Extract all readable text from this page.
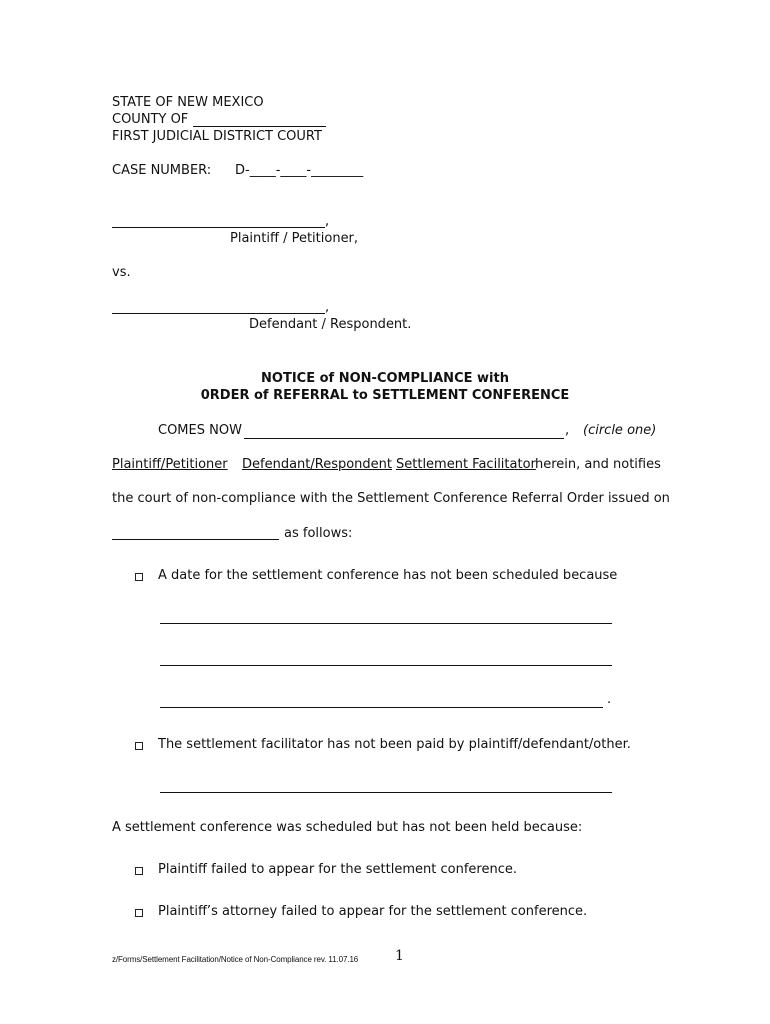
STATE OF NEW MEXICO
COUNTY OF
FIRST JUDICIAL DISTRICT COURT
CASE NUMBER: D-____-____-________
,
Plaintiff / Petitioner,
vs.
,
Defendant / Respondent.
NOTICE of NON-COMPLIANCE with
0RDER of REFERRAL to SETTLEMENT CONFERENCE
COMES NOW	, (circle one)
Plaintiff/Petitioner Defendant/Respondent Settlement Facilitator herein, and notifies
the court of non-compliance with the Settlement Conference Referral Order issued on
as follows:
A date for the settlement conference has not been scheduled because
.
The settlement facilitator has not been paid by plaintiff/defendant/other.
A settlement conference was scheduled but has not been held because:
Plaintiff failed to appear for the settlement conference.
Plaintiff’s attorney failed to appear for the settlement conference.
z/Forms/Settlement Facilitation/Notice of Non-Compliance rev. 11.07.16	1
